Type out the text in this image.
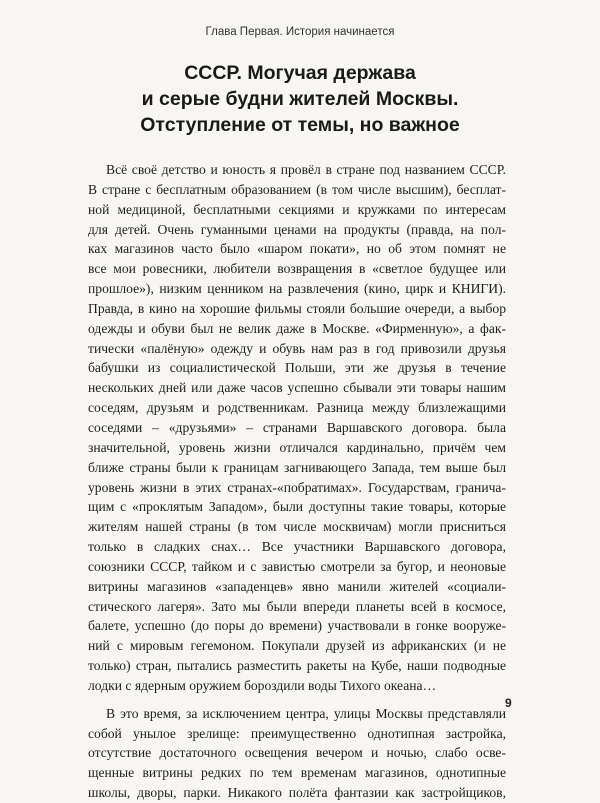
Глава Первая. История начинается
СССР. Могучая держава
и серые будни жителей Москвы.
Отступление от темы, но важное

Всё своё детство и юность я провёл в стране под названием СССР.
В стране с бесплатным образованием (в том числе высшим), бесплат-
ной медициной, бесплатными секциями и кружками по интересам
для детей. Очень гуманными ценами на продукты (правда, на пол-
ках магазинов часто было «шаром покати», но об этом помнят не
все мои ровесники, любители возвращения в «светлое будущее или
прошлое»), низким ценником на развлечения (кино, цирк и КНИГИ).
Правда, в кино на хорошие фильмы стояли большие очереди, а выбор
одежды и обуви был не велик даже в Москве. «Фирменную», а фак-
тически «палёную» одежду и обувь нам раз в год привозили друзья
бабушки из социалистической Польши, эти же друзья в течение
нескольких дней или даже часов успешно сбывали эти товары нашим
соседям, друзьям и родственникам. Разница между близлежащими
соседями – «друзьями» – странами Варшавского договора. была
значительной, уровень жизни отличался кардинально, причём чем
ближе страны были к границам загнивающего Запада, тем выше был
уровень жизни в этих странах-«побратимах». Государствам, гранича-
щим с «проклятым Западом», были доступны такие товары, которые
жителям нашей страны (в том числе москвичам) могли присниться
только в сладких снах… Все участники Варшавского договора,
союзники СССР, тайком и с завистью смотрели за бугор, и неоновые
витрины магазинов «западенцев» явно манили жителей «социали-
стического лагеря». Зато мы были впереди планеты всей в космосе,
балете, успешно (до поры до времени) участвовали в гонке вооруже-
ний с мировым гегемоном. Покупали друзей из африканских (и не
только) стран, пытались разместить ракеты на Кубе, наши подводные
лодки с ядерным оружием бороздили воды Тихого океана…

В это время, за исключением центра, улицы Москвы представляли
собой унылое зрелище: преимущественно однотипная застройка,
отсутствие достаточного освещения вечером и ночью, слабо осве-
щенные витрины редких по тем временам магазинов, однотипные
школы, дворы, парки. Никакого полёта фантазии как застройщиков,

9
